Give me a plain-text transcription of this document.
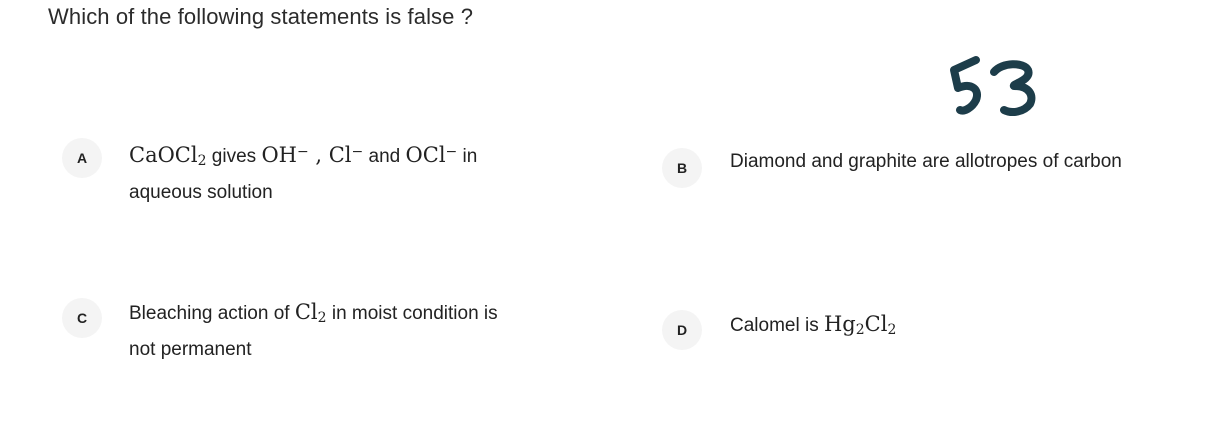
Which of the following statements is false ?
A	CaOCl$_2$ gives OH− , Cl− and OCl− in
aqueous solution
B	Diamond and graphite are allotropes of carbon
C	Bleaching action of $Cl_2$ in moist condition is
not permanent
D	Calomel is $Hg_2Cl_2$
